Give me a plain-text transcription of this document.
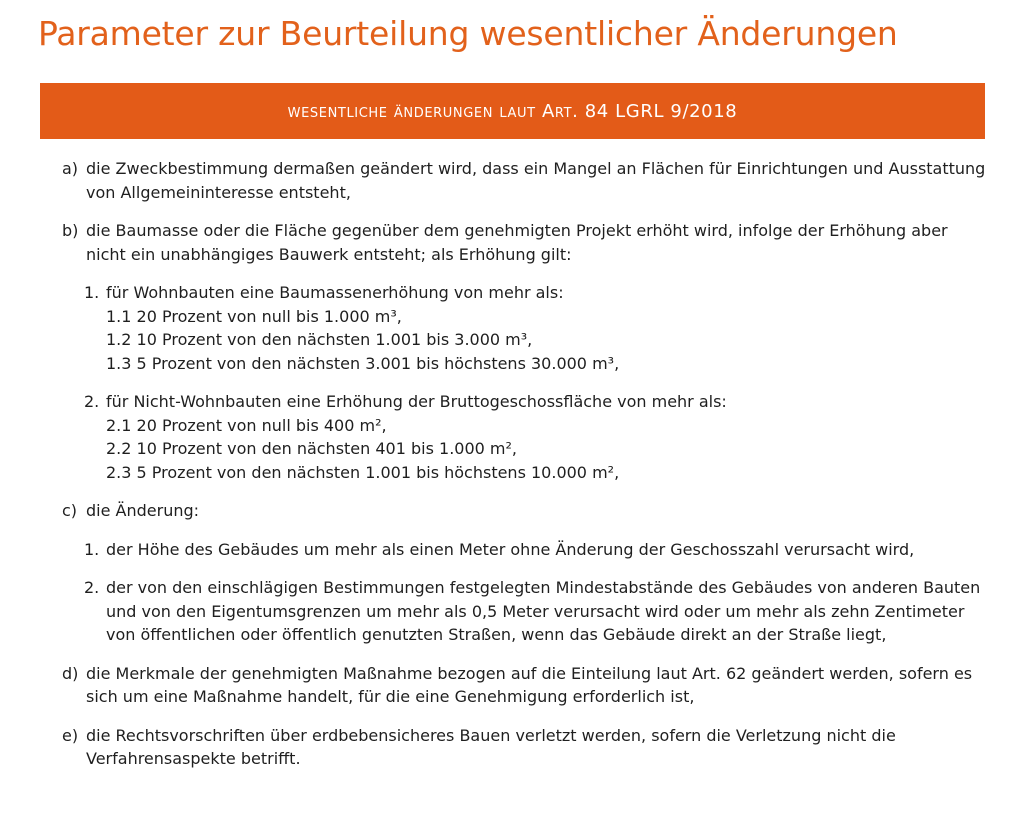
Parameter zur Beurteilung wesentlicher Änderungen
wesentliche änderungen laut Art. 84 LGRL 9/2018
a) die Zweckbestimmung dermaßen geändert wird, dass ein Mangel an Flächen für Einrichtungen und Ausstattung von Allgemeininteresse entsteht,
b) die Baumasse oder die Fläche gegenüber dem genehmigten Projekt erhöht wird, infolge der Erhöhung aber nicht ein unabhängiges Bauwerk entsteht; als Erhöhung gilt:
1. für Wohnbauten eine Baumassenerhöhung von mehr als:
1.1 20 Prozent von null bis 1.000 m³,
1.2 10 Prozent von den nächsten 1.001 bis 3.000 m³,
1.3 5 Prozent von den nächsten 3.001 bis höchstens 30.000 m³,
2. für Nicht-Wohnbauten eine Erhöhung der Bruttogeschossfläche von mehr als:
2.1 20 Prozent von null bis 400 m²,
2.2 10 Prozent von den nächsten 401 bis 1.000 m²,
2.3 5 Prozent von den nächsten 1.001 bis höchstens 10.000 m²,
c) die Änderung:
1. der Höhe des Gebäudes um mehr als einen Meter ohne Änderung der Geschosszahl verursacht wird,
2. der von den einschlägigen Bestimmungen festgelegten Mindestabstände des Gebäudes von anderen Bauten und von den Eigentumsgrenzen um mehr als 0,5 Meter verursacht wird oder um mehr als zehn Zentimeter von öffentlichen oder öffentlich genutzten Straßen, wenn das Gebäude direkt an der Straße liegt,
d) die Merkmale der genehmigten Maßnahme bezogen auf die Einteilung laut Art. 62 geändert werden, sofern es sich um eine Maßnahme handelt, für die eine Genehmigung erforderlich ist,
e) die Rechtsvorschriften über erdbebensicheres Bauen verletzt werden, sofern die Verletzung nicht die Verfahrensaspekte betrifft.
